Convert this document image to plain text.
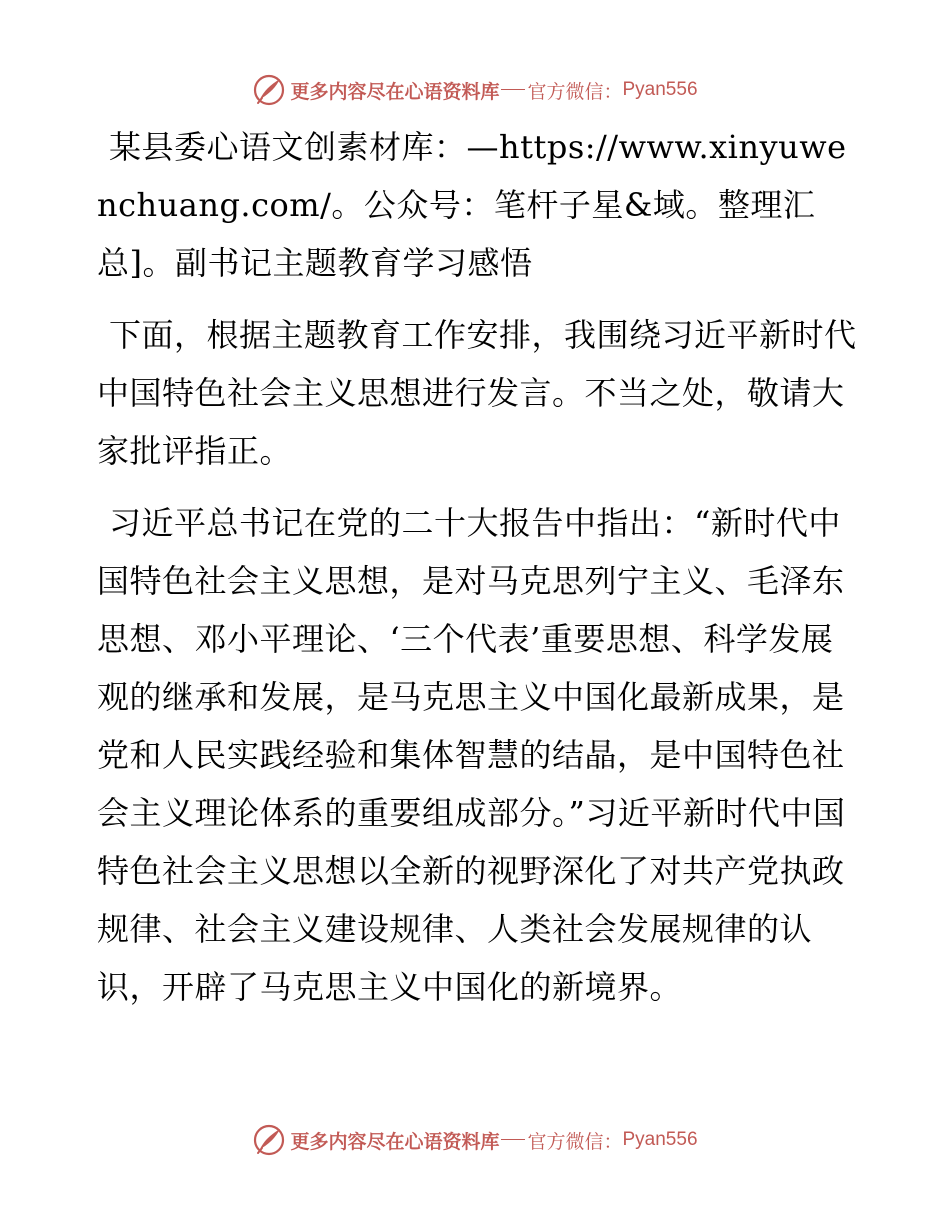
更多内容尽在心语资料库 官方微信： Pyan556

某县委心语文创素材库：—https://www.xinyuwenchuang.com/。公众号：笔杆子星&域。整理汇总]。副书记主题教育学习感悟

下面，根据主题教育工作安排，我围绕习近平新时代中国特色社会主义思想进行发言。不当之处，敬请大家批评指正。

习近平总书记在党的二十大报告中指出：“新时代中国特色社会主义思想，是对马克思列宁主义、毛泽东思想、邓小平理论、‘三个代表’重要思想、科学发展观的继承和发展，是马克思主义中国化最新成果，是党和人民实践经验和集体智慧的结晶，是中国特色社会主义理论体系的重要组成部分。”习近平新时代中国特色社会主义思想以全新的视野深化了对共产党执政规律、社会主义建设规律、人类社会发展规律的认识，开辟了马克思主义中国化的新境界。

更多内容尽在心语资料库 官方微信： Pyan556
